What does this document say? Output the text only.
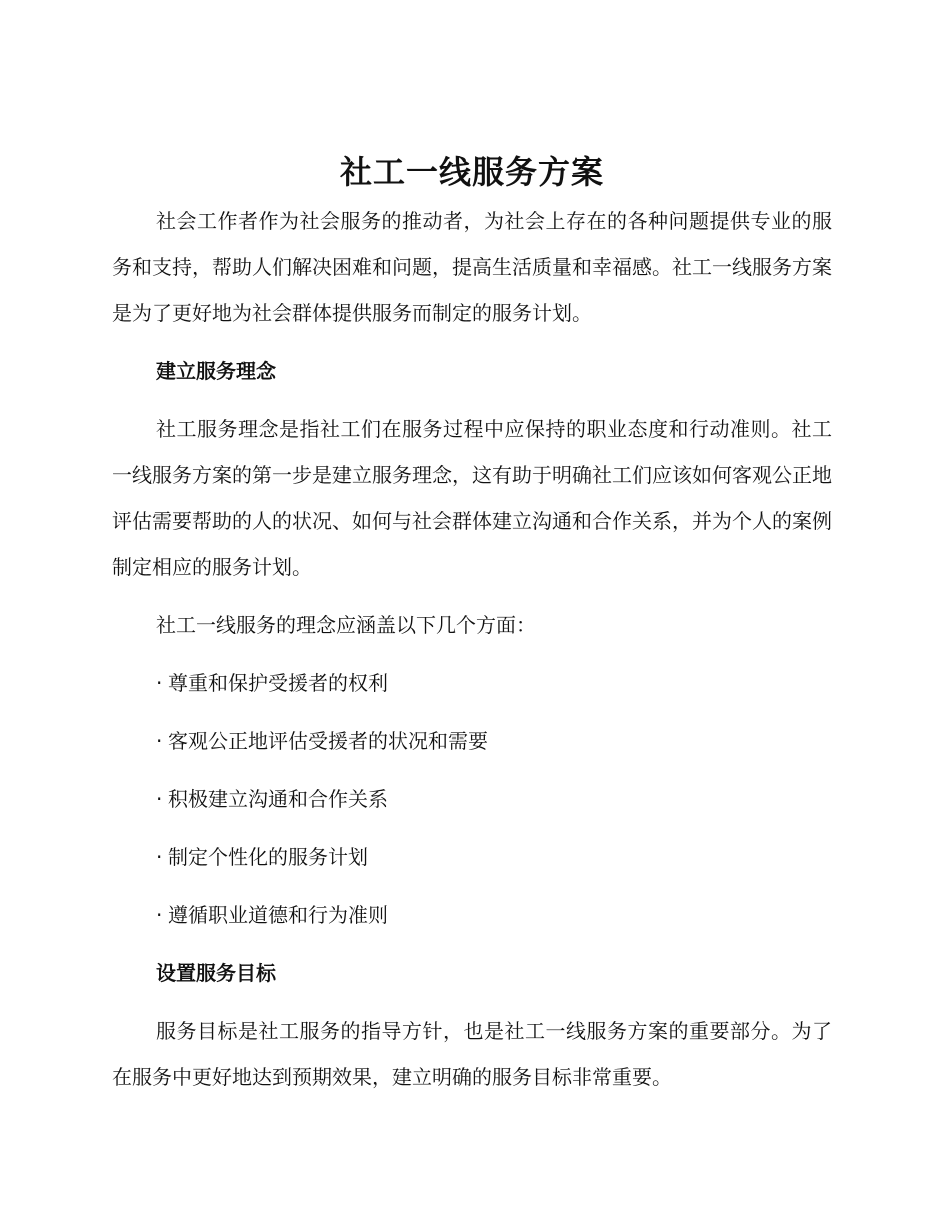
社工一线服务方案

社会工作者作为社会服务的推动者，为社会上存在的各种问题提供专业的服务和支持，帮助人们解决困难和问题，提高生活质量和幸福感。社工一线服务方案是为了更好地为社会群体提供服务而制定的服务计划。

建立服务理念

社工服务理念是指社工们在服务过程中应保持的职业态度和行动准则。社工一线服务方案的第一步是建立服务理念，这有助于明确社工们应该如何客观公正地评估需要帮助的人的状况、如何与社会群体建立沟通和合作关系，并为个人的案例制定相应的服务计划。

社工一线服务的理念应涵盖以下几个方面：

· 尊重和保护受援者的权利
· 客观公正地评估受援者的状况和需要
· 积极建立沟通和合作关系
· 制定个性化的服务计划
· 遵循职业道德和行为准则
设置服务目标

服务目标是社工服务的指导方针，也是社工一线服务方案的重要部分。为了在服务中更好地达到预期效果，建立明确的服务目标非常重要。
